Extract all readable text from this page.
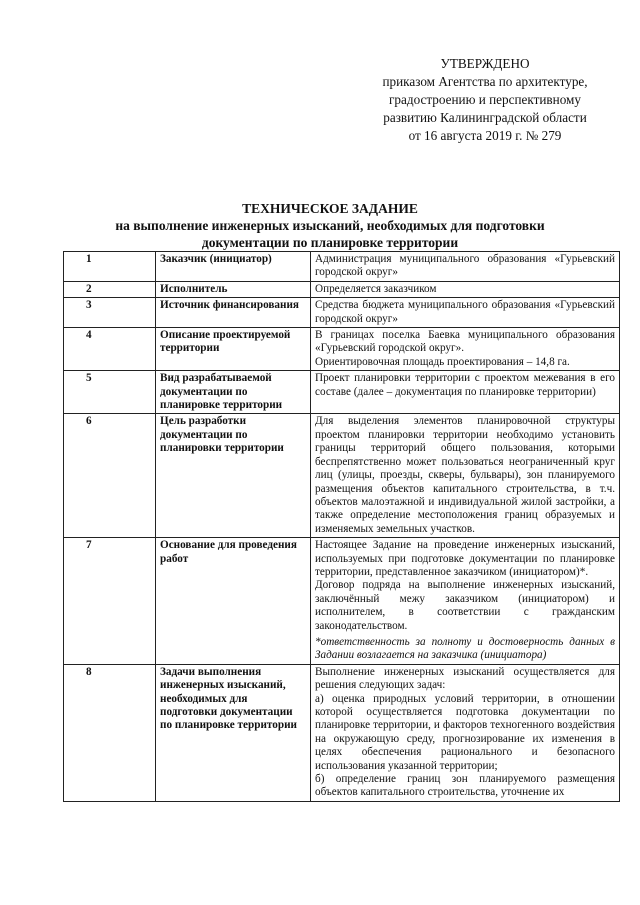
УТВЕРЖДЕНО
приказом Агентства по архитектуре,
градостроению и перспективному
развитию Калининградской области
от 16 августа 2019 г. № 279
ТЕХНИЧЕСКОЕ ЗАДАНИЕ
на выполнение инженерных изысканий, необходимых для подготовки
документации по планировке территории
1	Заказчик (инициатор)	Администрация муниципального образования «Гурьевский городской округ»

2	Исполнитель	Определяется заказчиком

3	Источник финансирования	Средства бюджета муниципального образования «Гурьевский городской округ»

4	Описание проектируемой территории	В границах поселка Баевка муниципального образования «Гурьевский городской округ».

Ориентировочная площадь проектирования – 14,8 га.

5	Вид разрабатываемой документации по планировке территории	Проект планировки территории с проектом межевания в его составе (далее – документация по планировке территории)

6	Цель разработки документации по планировки территории	Для выделения элементов планировочной структуры проектом планировки территории необходимо установить границы территорий общего пользования, которыми беспрепятственно может пользоваться неограниченный круг лиц (улицы, проезды, скверы, бульвары), зон планируемого размещения объектов капитального строительства, в т.ч. объектов малоэтажной и индивидуальной жилой застройки, а также определение местоположения границ образуемых и изменяемых земельных участков.

7	Основание для проведения работ	Настоящее Задание на проведение инженерных изысканий, используемых при подготовке документации по планировке территории, представленное заказчиком (инициатором)*.

Договор подряда на выполнение инженерных изысканий, заключённый межу заказчиком (инициатором) и исполнителем, в соответствии с гражданским законодательством.

*ответственность за полноту и достоверность данных в Задании возлагается на заказчика (инициатора)

8	Задачи выполнения инженерных изысканий, необходимых для подготовки документации по планировке территории	Выполнение инженерных изысканий осуществляется для решения следующих задач:

а) оценка природных условий территории, в отношении которой осуществляется подготовка документации по планировке территории, и факторов техногенного воздействия на окружающую среду, прогнозирование их изменения в целях обеспечения рационального и безопасного использования указанной территории;

б) определение границ зон планируемого размещения объектов капитального строительства, уточнение их
